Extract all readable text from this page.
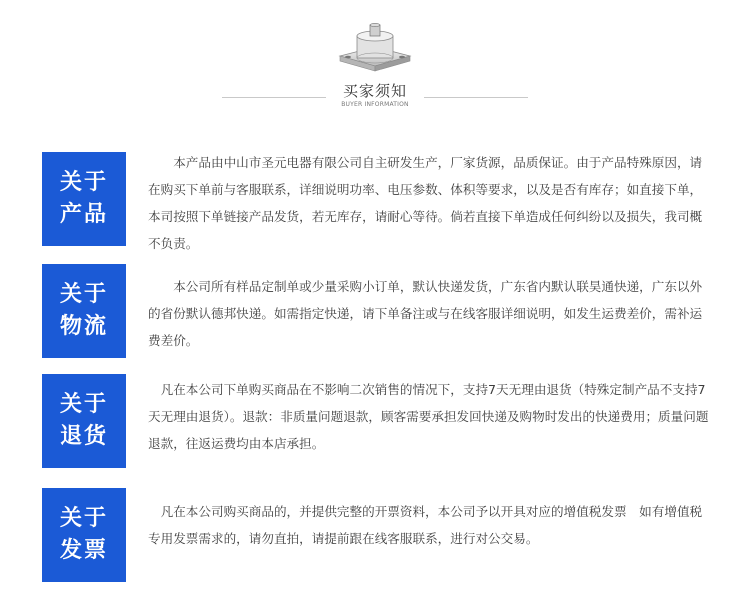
买家须知
BUYER INFORMATION
关于
产品
　　本产品由中山市圣元电器有限公司自主研发生产，厂家货源，品质保证。由于产品特殊原因，请在购买下单前与客服联系，详细说明功率、电压参数、体积等要求，以及是否有库存；如直接下单，本司按照下单链接产品发货，若无库存，请耐心等待。倘若直接下单造成任何纠纷以及损失，我司概不负责。
关于
物流
　　本公司所有样品定制单或少量采购小订单，默认快递发货，广东省内默认联昊通快递，广东以外的省份默认德邦快递。如需指定快递，请下单备注或与在线客服详细说明，如发生运费差价，需补运费差价。
关于
退货
　凡在本公司下单购买商品在不影响二次销售的情况下，支持7天无理由退货（特殊定制产品不支持7天无理由退货）。退款：非质量问题退款，顾客需要承担发回快递及购物时发出的快递费用；质量问题退款，往返运费均由本店承担。
关于
发票
　凡在本公司购买商品的，并提供完整的开票资料，本公司予以开具对应的增值税发票　如有增值税专用发票需求的，请勿直拍，请提前跟在线客服联系，进行对公交易。
